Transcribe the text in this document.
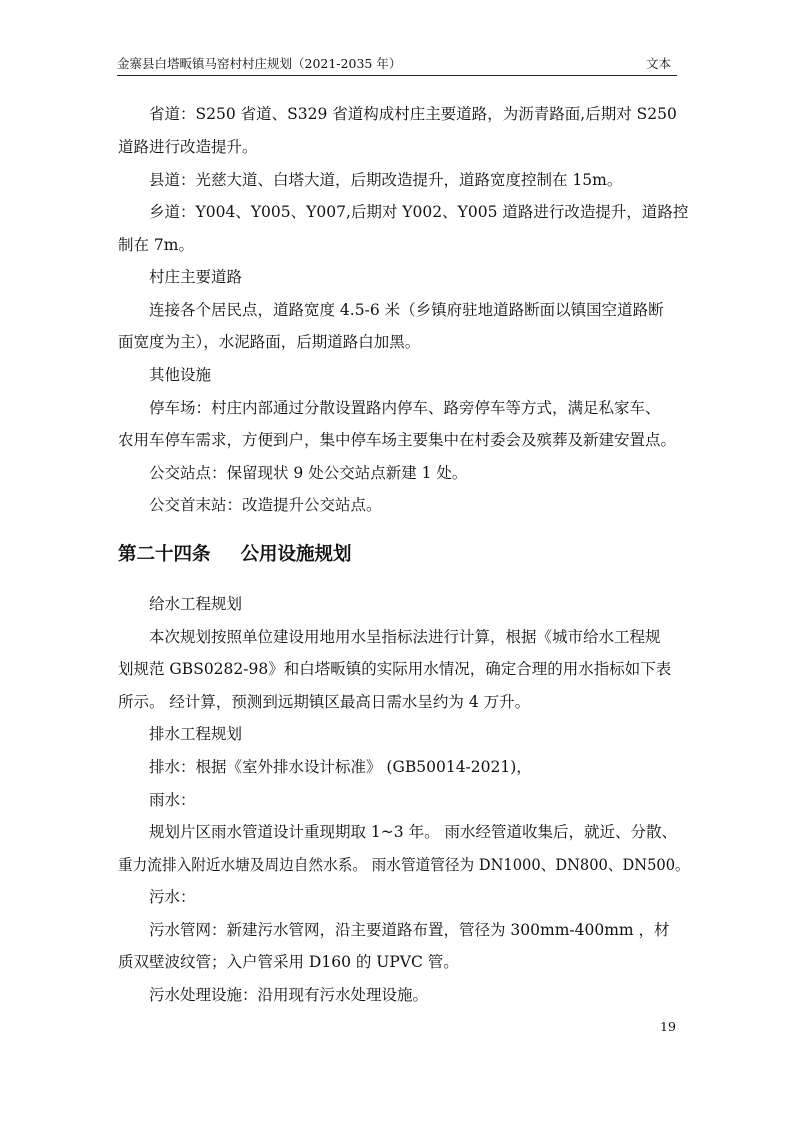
金寨县白塔畈镇马窑村村庄规划（2021-2035 年）	文本
省道：S250 省道、S329 省道构成村庄主要道路，为沥青路面,后期对 S250
道路进行改造提升。
县道：光慈大道、白塔大道，后期改造提升，道路宽度控制在 15m。
乡道：Y004、Y005、Y007,后期对 Y002、Y005 道路进行改造提升，道路控
制在 7m。
村庄主要道路
连接各个居民点，道路宽度 4.5-6 米（乡镇府驻地道路断面以镇国空道路断
面宽度为主），水泥路面，后期道路白加黑。
其他设施
停车场：村庄内部通过分散设置路内停车、路旁停车等方式，满足私家车、
农用车停车需求，方便到户，集中停车场主要集中在村委会及殡葬及新建安置点。
公交站点：保留现状 9 处公交站点新建 1 处。
公交首末站：改造提升公交站点。
第二十四条 公用设施规划
给水工程规划
本次规划按照单位建设用地用水呈指标法进行计算，根据《城市给水工程规
划规范 GBS0282-98》和白塔畈镇的实际用水情况，确定合理的用水指标如下表
所示。 经计算，预测到远期镇区最高日需水呈约为 4 万升。
排水工程规划
排水：根据《室外排水设计标准》 (GB50014-2021)，
雨水：
规划片区雨水管道设计重现期取 1~3 年。 雨水经管道收集后，就近、分散、
重力流排入附近水塘及周边自然水系。 雨水管道管径为 DN1000、DN800、DN500。
污水：
污水管网：新建污水管网，沿主要道路布置，管径为 300mm-400mm ，材
质双壁波纹管；入户管采用 D160 的 UPVC 管。
污水处理设施：沿用现有污水处理设施。
19
